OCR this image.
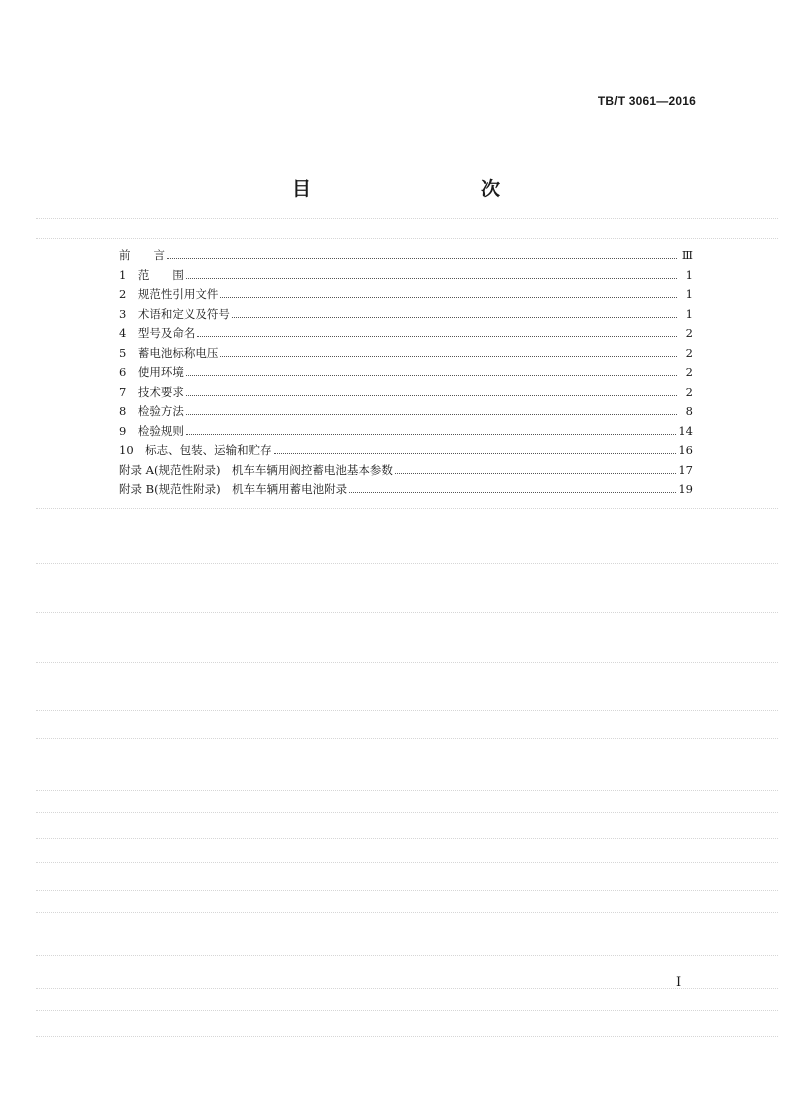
TB/T 3061—2016
目　　次
前　　言	Ⅲ
1　范　　围	1
2　规范性引用文件	1
3　术语和定义及符号	1
4　型号及命名	2
5　蓄电池标称电压	2
6　使用环境	2
7　技术要求	2
8　检验方法	8
9　检验规则	14
10　标志、包装、运输和贮存	16
附录 A(规范性附录)　机车车辆用阀控蓄电池基本参数	17
附录 B(规范性附录)　机车车辆用蓄电池附录	19
Ⅰ
